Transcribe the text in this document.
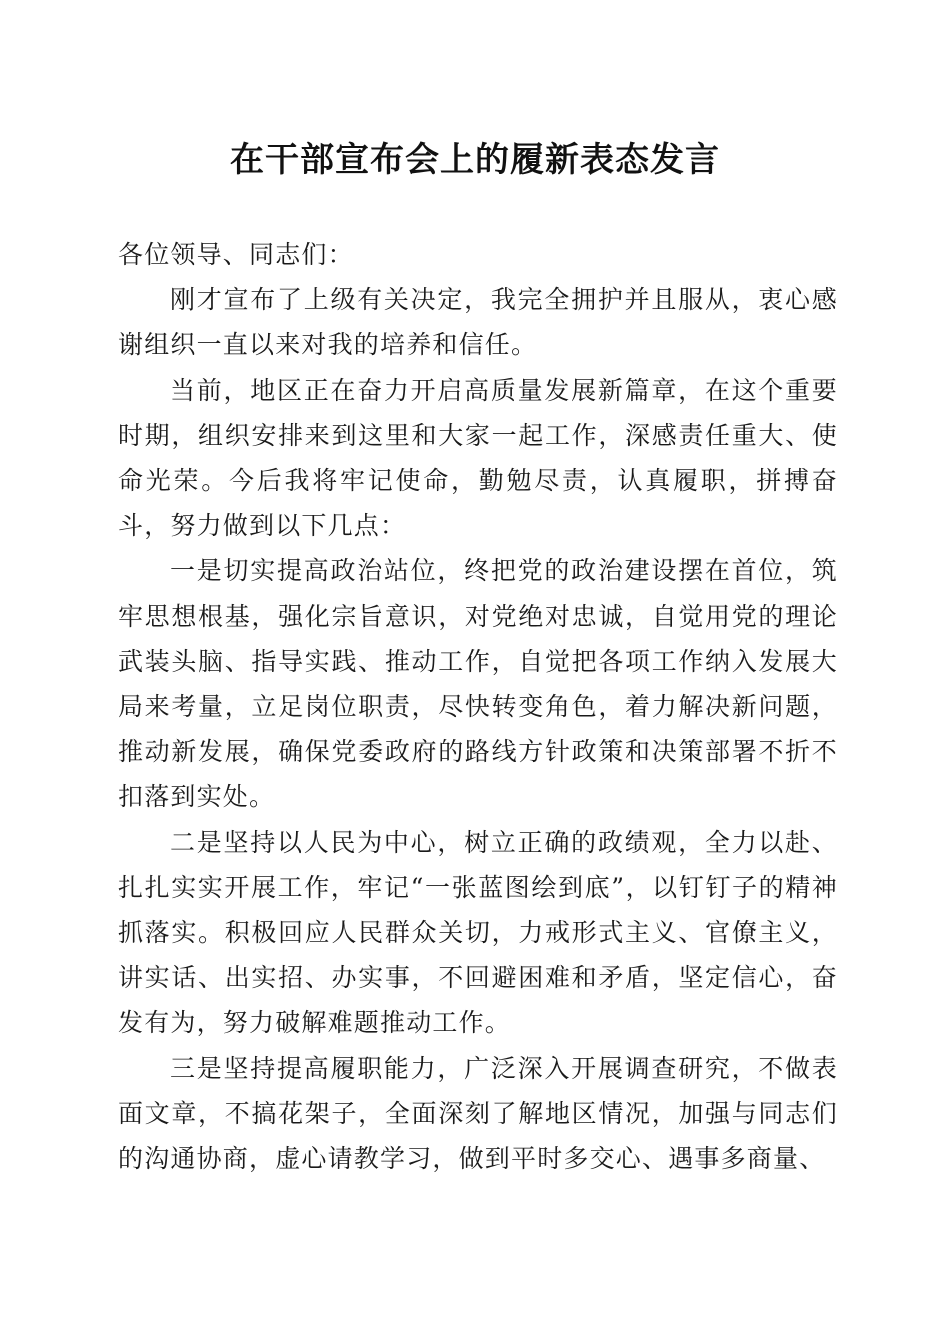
在干部宣布会上的履新表态发言

各位领导、同志们：

刚才宣布了上级有关决定，我完全拥护并且服从，衷心感谢组织一直以来对我的培养和信任。

当前，地区正在奋力开启高质量发展新篇章，在这个重要时期，组织安排来到这里和大家一起工作，深感责任重大、使命光荣。今后我将牢记使命，勤勉尽责，认真履职，拼搏奋斗，努力做到以下几点：

一是切实提高政治站位，终把党的政治建设摆在首位，筑牢思想根基，强化宗旨意识，对党绝对忠诚，自觉用党的理论武装头脑、指导实践、推动工作，自觉把各项工作纳入发展大局来考量，立足岗位职责，尽快转变角色，着力解决新问题，推动新发展，确保党委政府的路线方针政策和决策部署不折不扣落到实处。

二是坚持以人民为中心，树立正确的政绩观，全力以赴、扎扎实实开展工作，牢记“一张蓝图绘到底”，以钉钉子的精神抓落实。积极回应人民群众关切，力戒形式主义、官僚主义，讲实话、出实招、办实事，不回避困难和矛盾，坚定信心，奋发有为，努力破解难题推动工作。

三是坚持提高履职能力，广泛深入开展调查研究，不做表面文章，不搞花架子，全面深刻了解地区情况，加强与同志们的沟通协商，虚心请教学习，做到平时多交心、遇事多商量、
